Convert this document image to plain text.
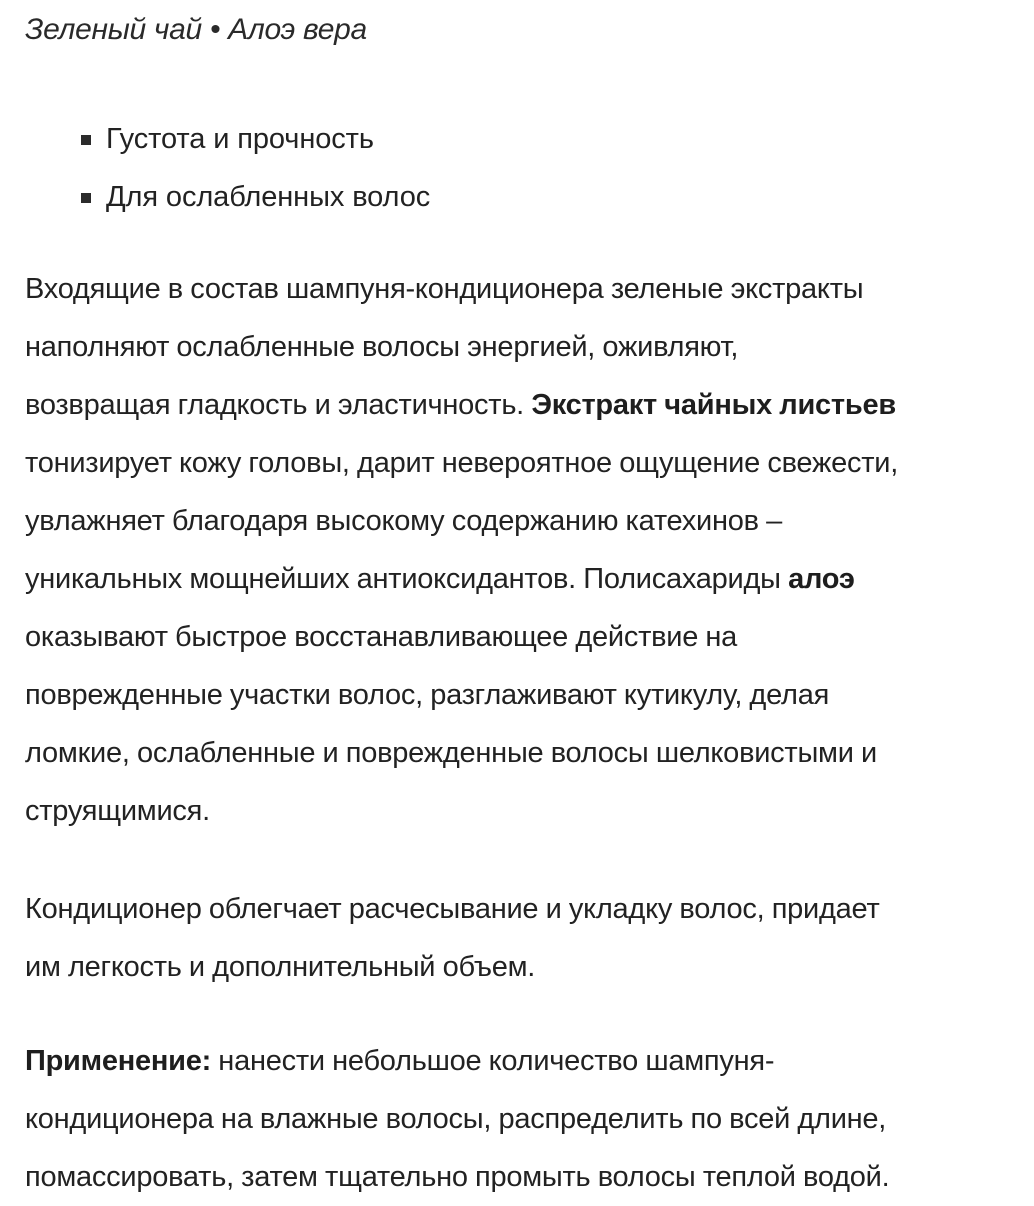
Зеленый чай • Алоэ вера
Густота и прочность
Для ослабленных волос

Входящие в состав шампуня-кондиционера зеленые экстракты
наполняют ослабленные волосы энергией, оживляют,
возвращая гладкость и эластичность. Экстракт чайных листьев
тонизирует кожу головы, дарит невероятное ощущение свежести,
увлажняет благодаря высокому содержанию катехинов –
уникальных мощнейших антиоксидантов. Полисахариды алоэ
оказывают быстрое восстанавливающее действие на
поврежденные участки волос, разглаживают кутикулу, делая
ломкие, ослабленные и поврежденные волосы шелковистыми и
струящимися.

Кондиционер облегчает расчесывание и укладку волос, придает
им легкость и дополнительный объем.

Применение: нанести небольшое количество шампуня-
кондиционера на влажные волосы, распределить по всей длине,
помассировать, затем тщательно промыть волосы теплой водой.
